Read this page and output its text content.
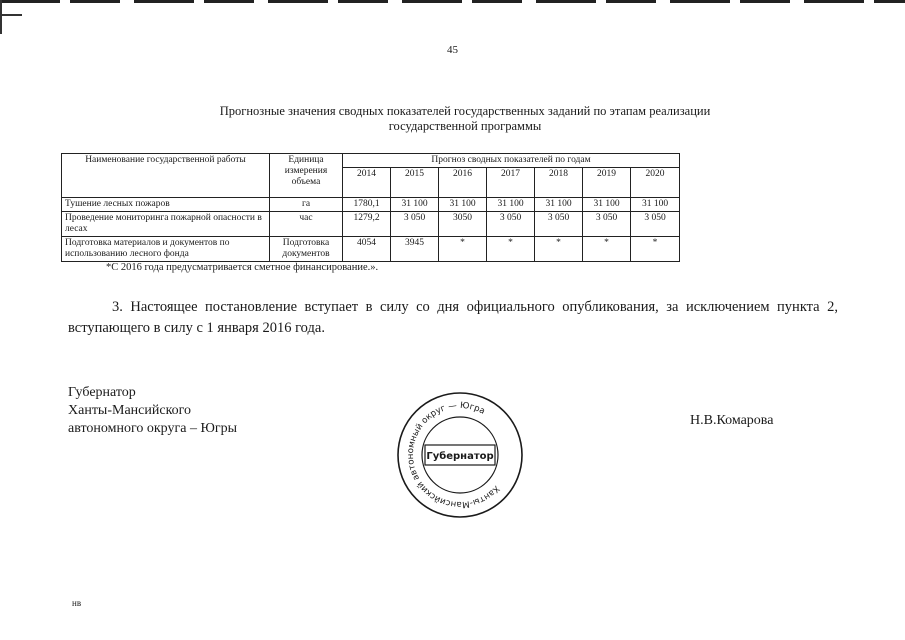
45
Прогнозные значения сводных показателей государственных заданий по этапам реализации
государственной программы
Наименование государственной работы	Единица измерения объема	Прогноз сводных показателей по годам						
		2014	2015	2016	2017	2018	2019	2020
Тушение лесных пожаров	га	1780,1	31 100	31 100	31 100	31 100	31 100	31 100
Проведение мониторинга пожарной опасности в лесах	час	1279,2	3 050	3050	3 050	3 050	3 050	3 050
Подготовка материалов и документов по использованию лесного фонда	Подготовка документов	4054	3945	*	*	*	*	*
*С 2016 года предусматривается сметное финансирование.».
3. Настоящее постановление вступает в силу со дня официального опубликования, за исключением пункта 2, вступающего в силу с 1 января 2016 года.
Губернатор
Ханты-Мансийского
автономного округа – Югры
Ханты-Мансийский автономный округ — Югра
Губернатор
Н.В.Комарова
нв
